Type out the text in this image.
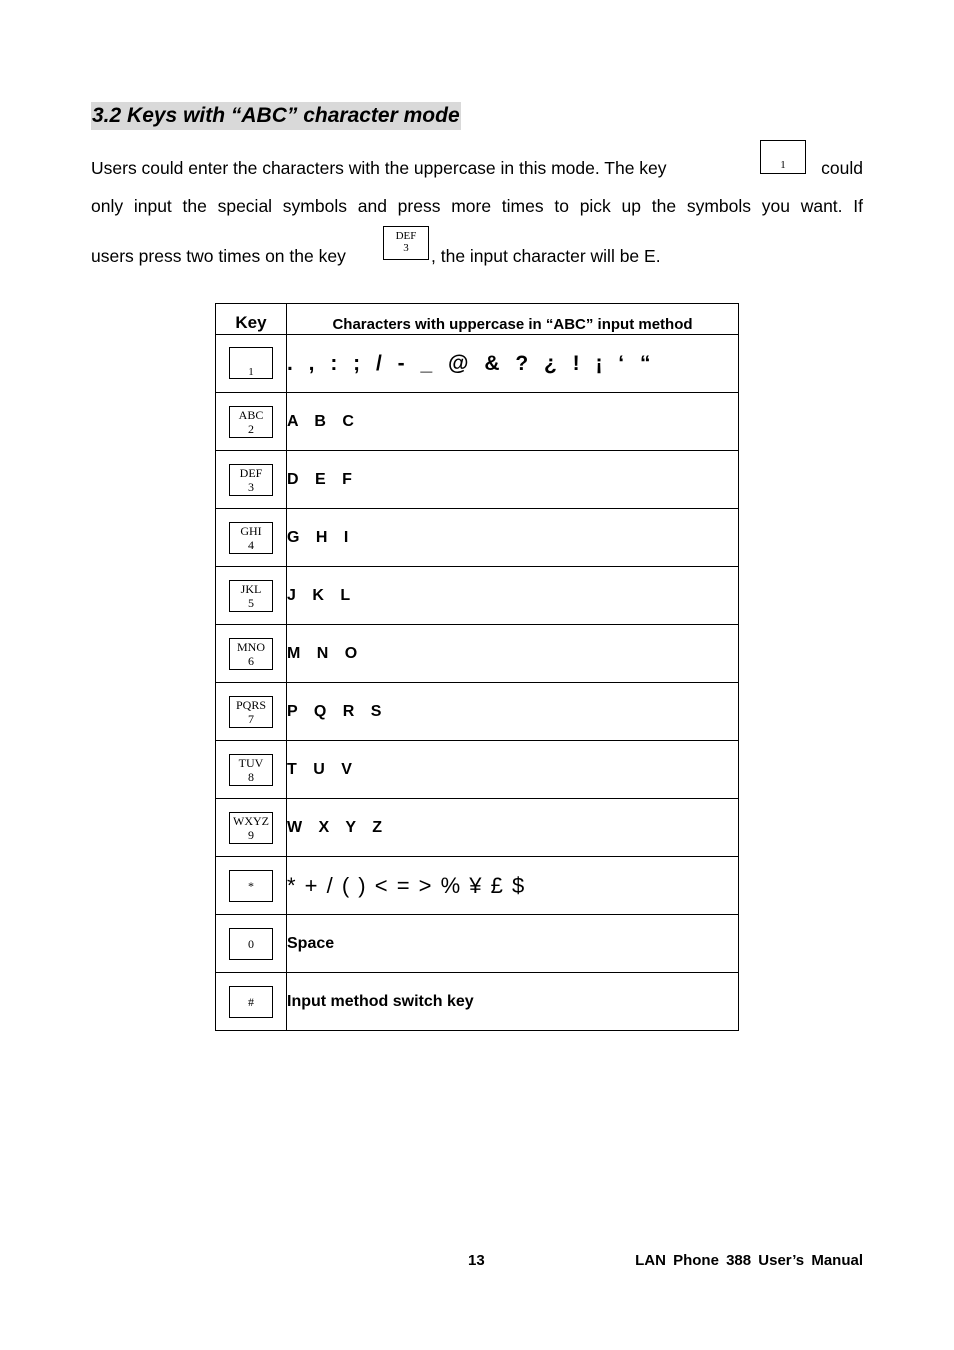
3.2 Keys with “ABC” character mode
Users could enter the characters with the uppercase in this mode. The key	could
only input the special symbols and press more times to pick up the symbols you want. If
users press two times on the key	, the input character will be E.
1
DEF
3
Key	Characters with uppercase in “ABC” input method

1	. , : ; / - _ @ & ? ¿ ! ¡ ‘ “

ABC
2	A B C

DEF
3	D E F

GHI
4	G H I

JKL
5	J K L

MNO
6	M N O

PQRS
7	P Q R S

TUV
8	T U V

WXYZ
9	W X Y Z

*	* + / ( ) < = > % ¥ £ $

0	Space

#	Input method switch key
13	LAN Phone 388 User’s Manual
